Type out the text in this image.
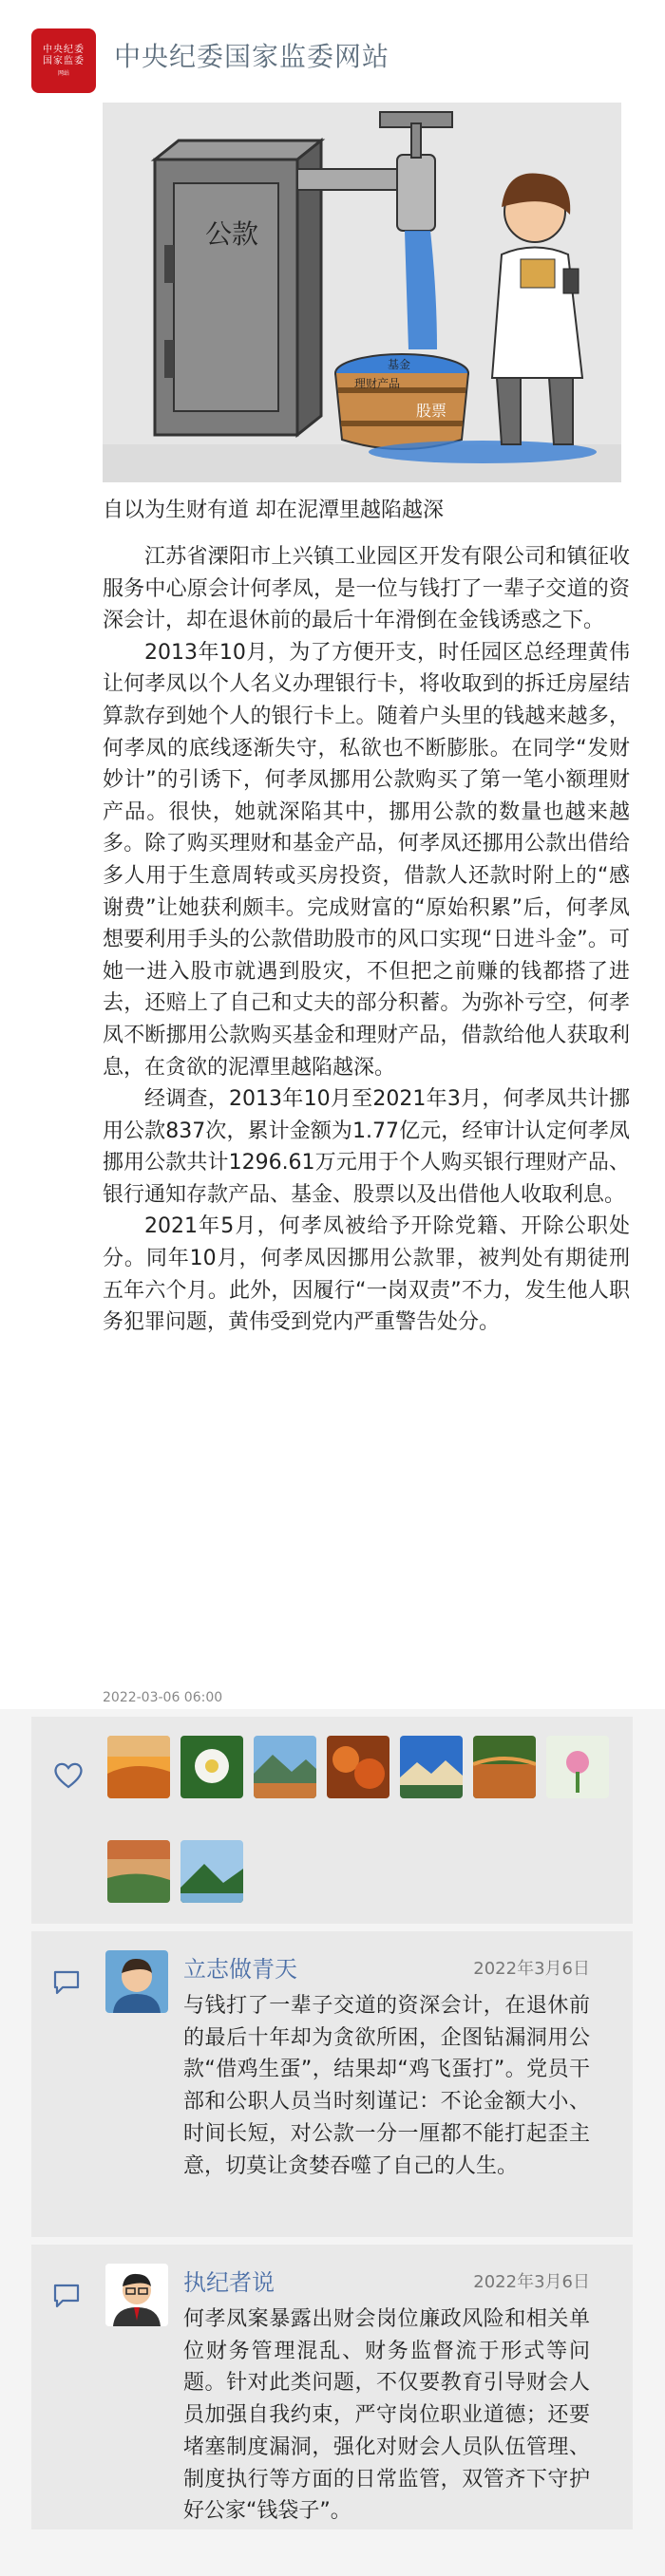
中央纪委
国家监委
网站
中央纪委国家监委网站
公款
基金
理财产品
股票
自以为生财有道 却在泥潭里越陷越深

江苏省溧阳市上兴镇工业园区开发有限公司和镇征收服务中心原会计何孝凤，是一位与钱打了一辈子交道的资深会计，却在退休前的最后十年滑倒在金钱诱惑之下。

2013年10月，为了方便开支，时任园区总经理黄伟让何孝凤以个人名义办理银行卡，将收取到的拆迁房屋结算款存到她个人的银行卡上。随着户头里的钱越来越多，何孝凤的底线逐渐失守，私欲也不断膨胀。在同学“发财妙计”的引诱下，何孝凤挪用公款购买了第一笔小额理财产品。很快，她就深陷其中，挪用公款的数量也越来越多。除了购买理财和基金产品，何孝凤还挪用公款出借给多人用于生意周转或买房投资，借款人还款时附上的“感谢费”让她获利颇丰。完成财富的“原始积累”后，何孝凤想要利用手头的公款借助股市的风口实现“日进斗金”。可她一进入股市就遇到股灾，不但把之前赚的钱都搭了进去，还赔上了自己和丈夫的部分积蓄。为弥补亏空，何孝凤不断挪用公款购买基金和理财产品，借款给他人获取利息，在贪欲的泥潭里越陷越深。

经调查，2013年10月至2021年3月，何孝凤共计挪用公款837次，累计金额为1.77亿元，经审计认定何孝凤挪用公款共计1296.61万元用于个人购买银行理财产品、银行通知存款产品、基金、股票以及出借他人收取利息。

2021年5月，何孝凤被给予开除党籍、开除公职处分。同年10月，何孝凤因挪用公款罪，被判处有期徒刑五年六个月。此外，因履行“一岗双责”不力，发生他人职务犯罪问题，黄伟受到党内严重警告处分。

2022-03-06 06:00
立志做青天	2022年3月6日
与钱打了一辈子交道的资深会计，在退休前的最后十年却为贪欲所困，企图钻漏洞用公款“借鸡生蛋”，结果却“鸡飞蛋打”。党员干部和公职人员当时刻谨记：不论金额大小、时间长短，对公款一分一厘都不能打起歪主意，切莫让贪婪吞噬了自己的人生。
执纪者说	2022年3月6日
何孝凤案暴露出财会岗位廉政风险和相关单位财务管理混乱、财务监督流于形式等问题。针对此类问题，不仅要教育引导财会人员加强自我约束，严守岗位职业道德；还要堵塞制度漏洞，强化对财会人员队伍管理、制度执行等方面的日常监管，双管齐下守护好公家“钱袋子”。
